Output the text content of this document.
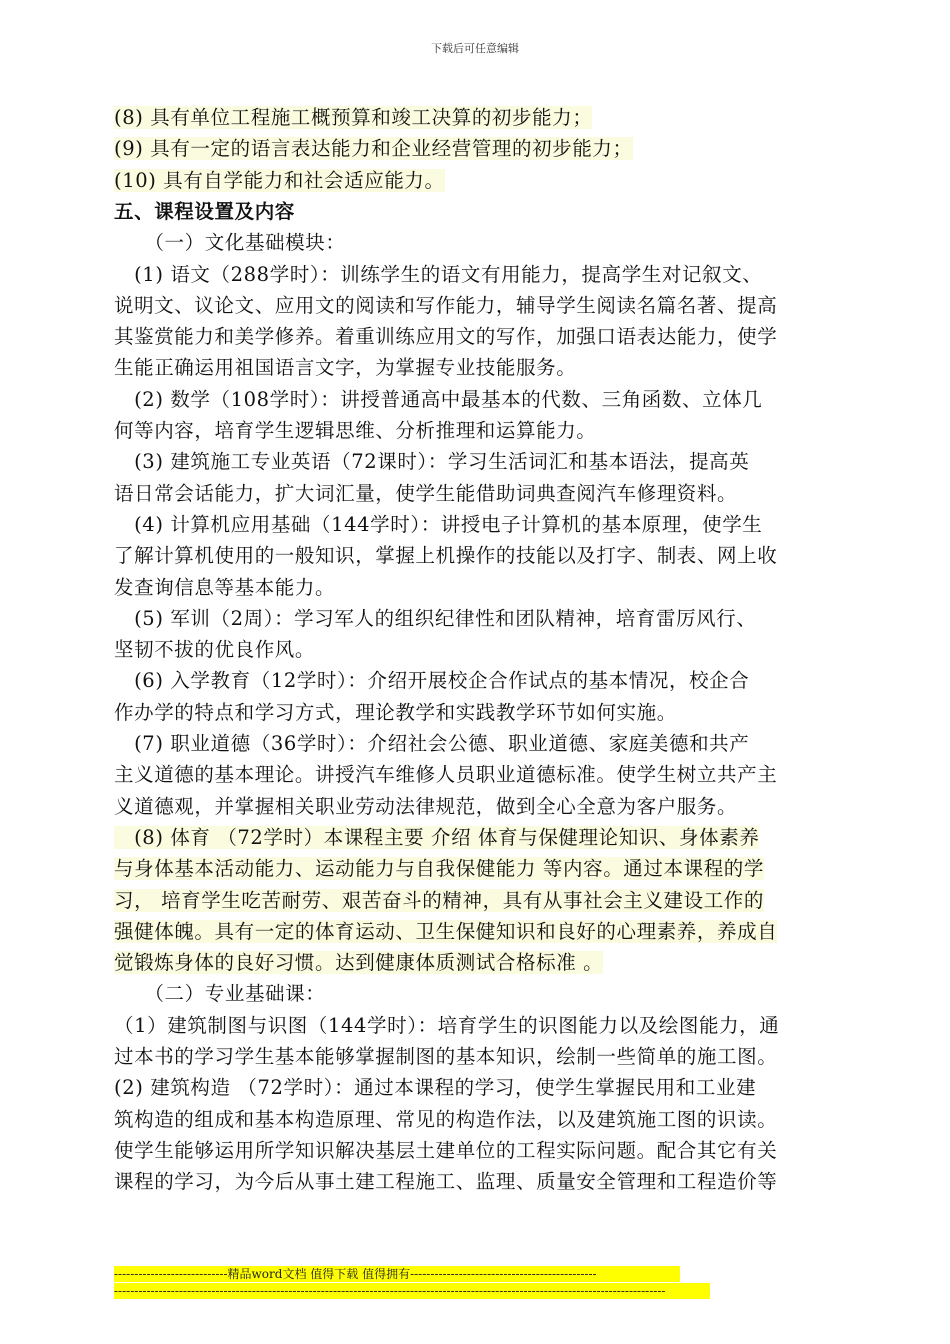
下载后可任意编辑
(8) 具有单位工程施工概预算和竣工决算的初步能力；
(9) 具有一定的语言表达能力和企业经营管理的初步能力；
(10) 具有自学能力和社会适应能力。
五、课程设置及内容
　　（一）文化基础模块：
　(1) 语文（288学时）：训练学生的语文有用能力，提高学生对记叙文、
说明文、议论文、应用文的阅读和写作能力，辅导学生阅读名篇名著、提高
其鉴赏能力和美学修养。着重训练应用文的写作，加强口语表达能力，使学
生能正确运用祖国语言文字，为掌握专业技能服务。
　(2) 数学（108学时）：讲授普通高中最基本的代数、三角函数、立体几
何等内容，培育学生逻辑思维、分析推理和运算能力。
　(3) 建筑施工专业英语（72课时）：学习生活词汇和基本语法，提高英
语日常会话能力，扩大词汇量，使学生能借助词典查阅汽车修理资料。
　(4) 计算机应用基础（144学时）：讲授电子计算机的基本原理，使学生
了解计算机使用的一般知识，掌握上机操作的技能以及打字、制表、网上收
发查询信息等基本能力。
　(5) 军训（2周）：学习军人的组织纪律性和团队精神，培育雷厉风行、
坚韧不拔的优良作风。
　(6) 入学教育（12学时）：介绍开展校企合作试点的基本情况，校企合
作办学的特点和学习方式，理论教学和实践教学环节如何实施。
　(7) 职业道德（36学时）：介绍社会公德、职业道德、家庭美德和共产
主义道德的基本理论。讲授汽车维修人员职业道德标准。使学生树立共产主
义道德观，并掌握相关职业劳动法律规范，做到全心全意为客户服务。
　(8) 体育 （72学时）本课程主要 介绍 体育与保健理论知识、身体素养
与身体基本活动能力、运动能力与自我保健能力 等内容。通过本课程的学
习， 培育学生吃苦耐劳、艰苦奋斗的精神，具有从事社会主义建设工作的
强健体魄。具有一定的体育运动、卫生保健知识和良好的心理素养，养成自
觉锻炼身体的良好习惯。达到健康体质测试合格标准 。
　　（二）专业基础课：
（1）建筑制图与识图（144学时）：培育学生的识图能力以及绘图能力，通
过本书的学习学生基本能够掌握制图的基本知识，绘制一些简单的施工图。
(2) 建筑构造 （72学时）：通过本课程的学习，使学生掌握民用和工业建
筑构造的组成和基本构造原理、常见的构造作法，以及建筑施工图的识读。
使学生能够运用所学知识解决基层土建单位的工程实际问题。配合其它有关
课程的学习，为今后从事土建工程施工、监理、质量安全管理和工程造价等
----------------------------精品word文档 值得下载 值得拥有----------------------------------------------
----------------------------------------------------------------------------------------------------------------------------------------
